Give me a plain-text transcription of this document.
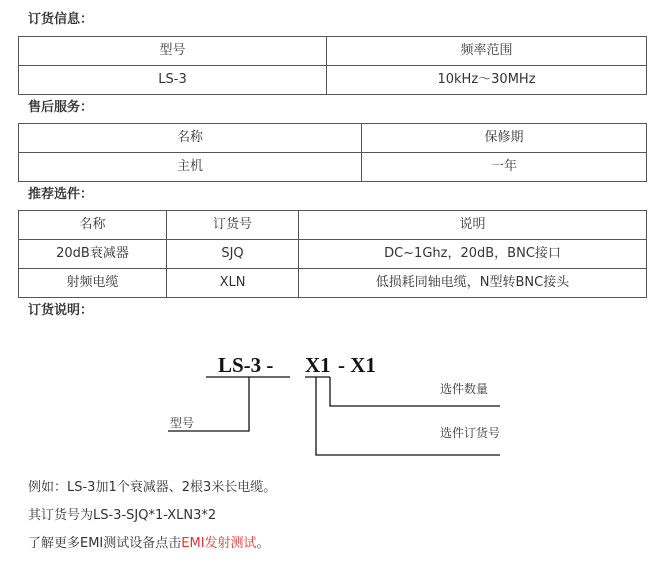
订货信息：
型号	频率范围
LS-3	10kHz～30MHz
售后服务：
名称	保修期
主机	一年
推荐选件：
名称	订货号	说明
20dB衰减器	SJQ	DC~1Ghz，20dB，BNC接口
射频电缆	XLN	低损耗同轴电缆，N型转BNC接头
订货说明：
LS-3 - X1 - X1
型号
选件数量
选件订货号
例如：LS-3加1个衰减器、2根3米长电缆。
其订货号为LS-3-SJQ*1-XLN3*2
了解更多EMI测试设备点击EMI发射测试。
